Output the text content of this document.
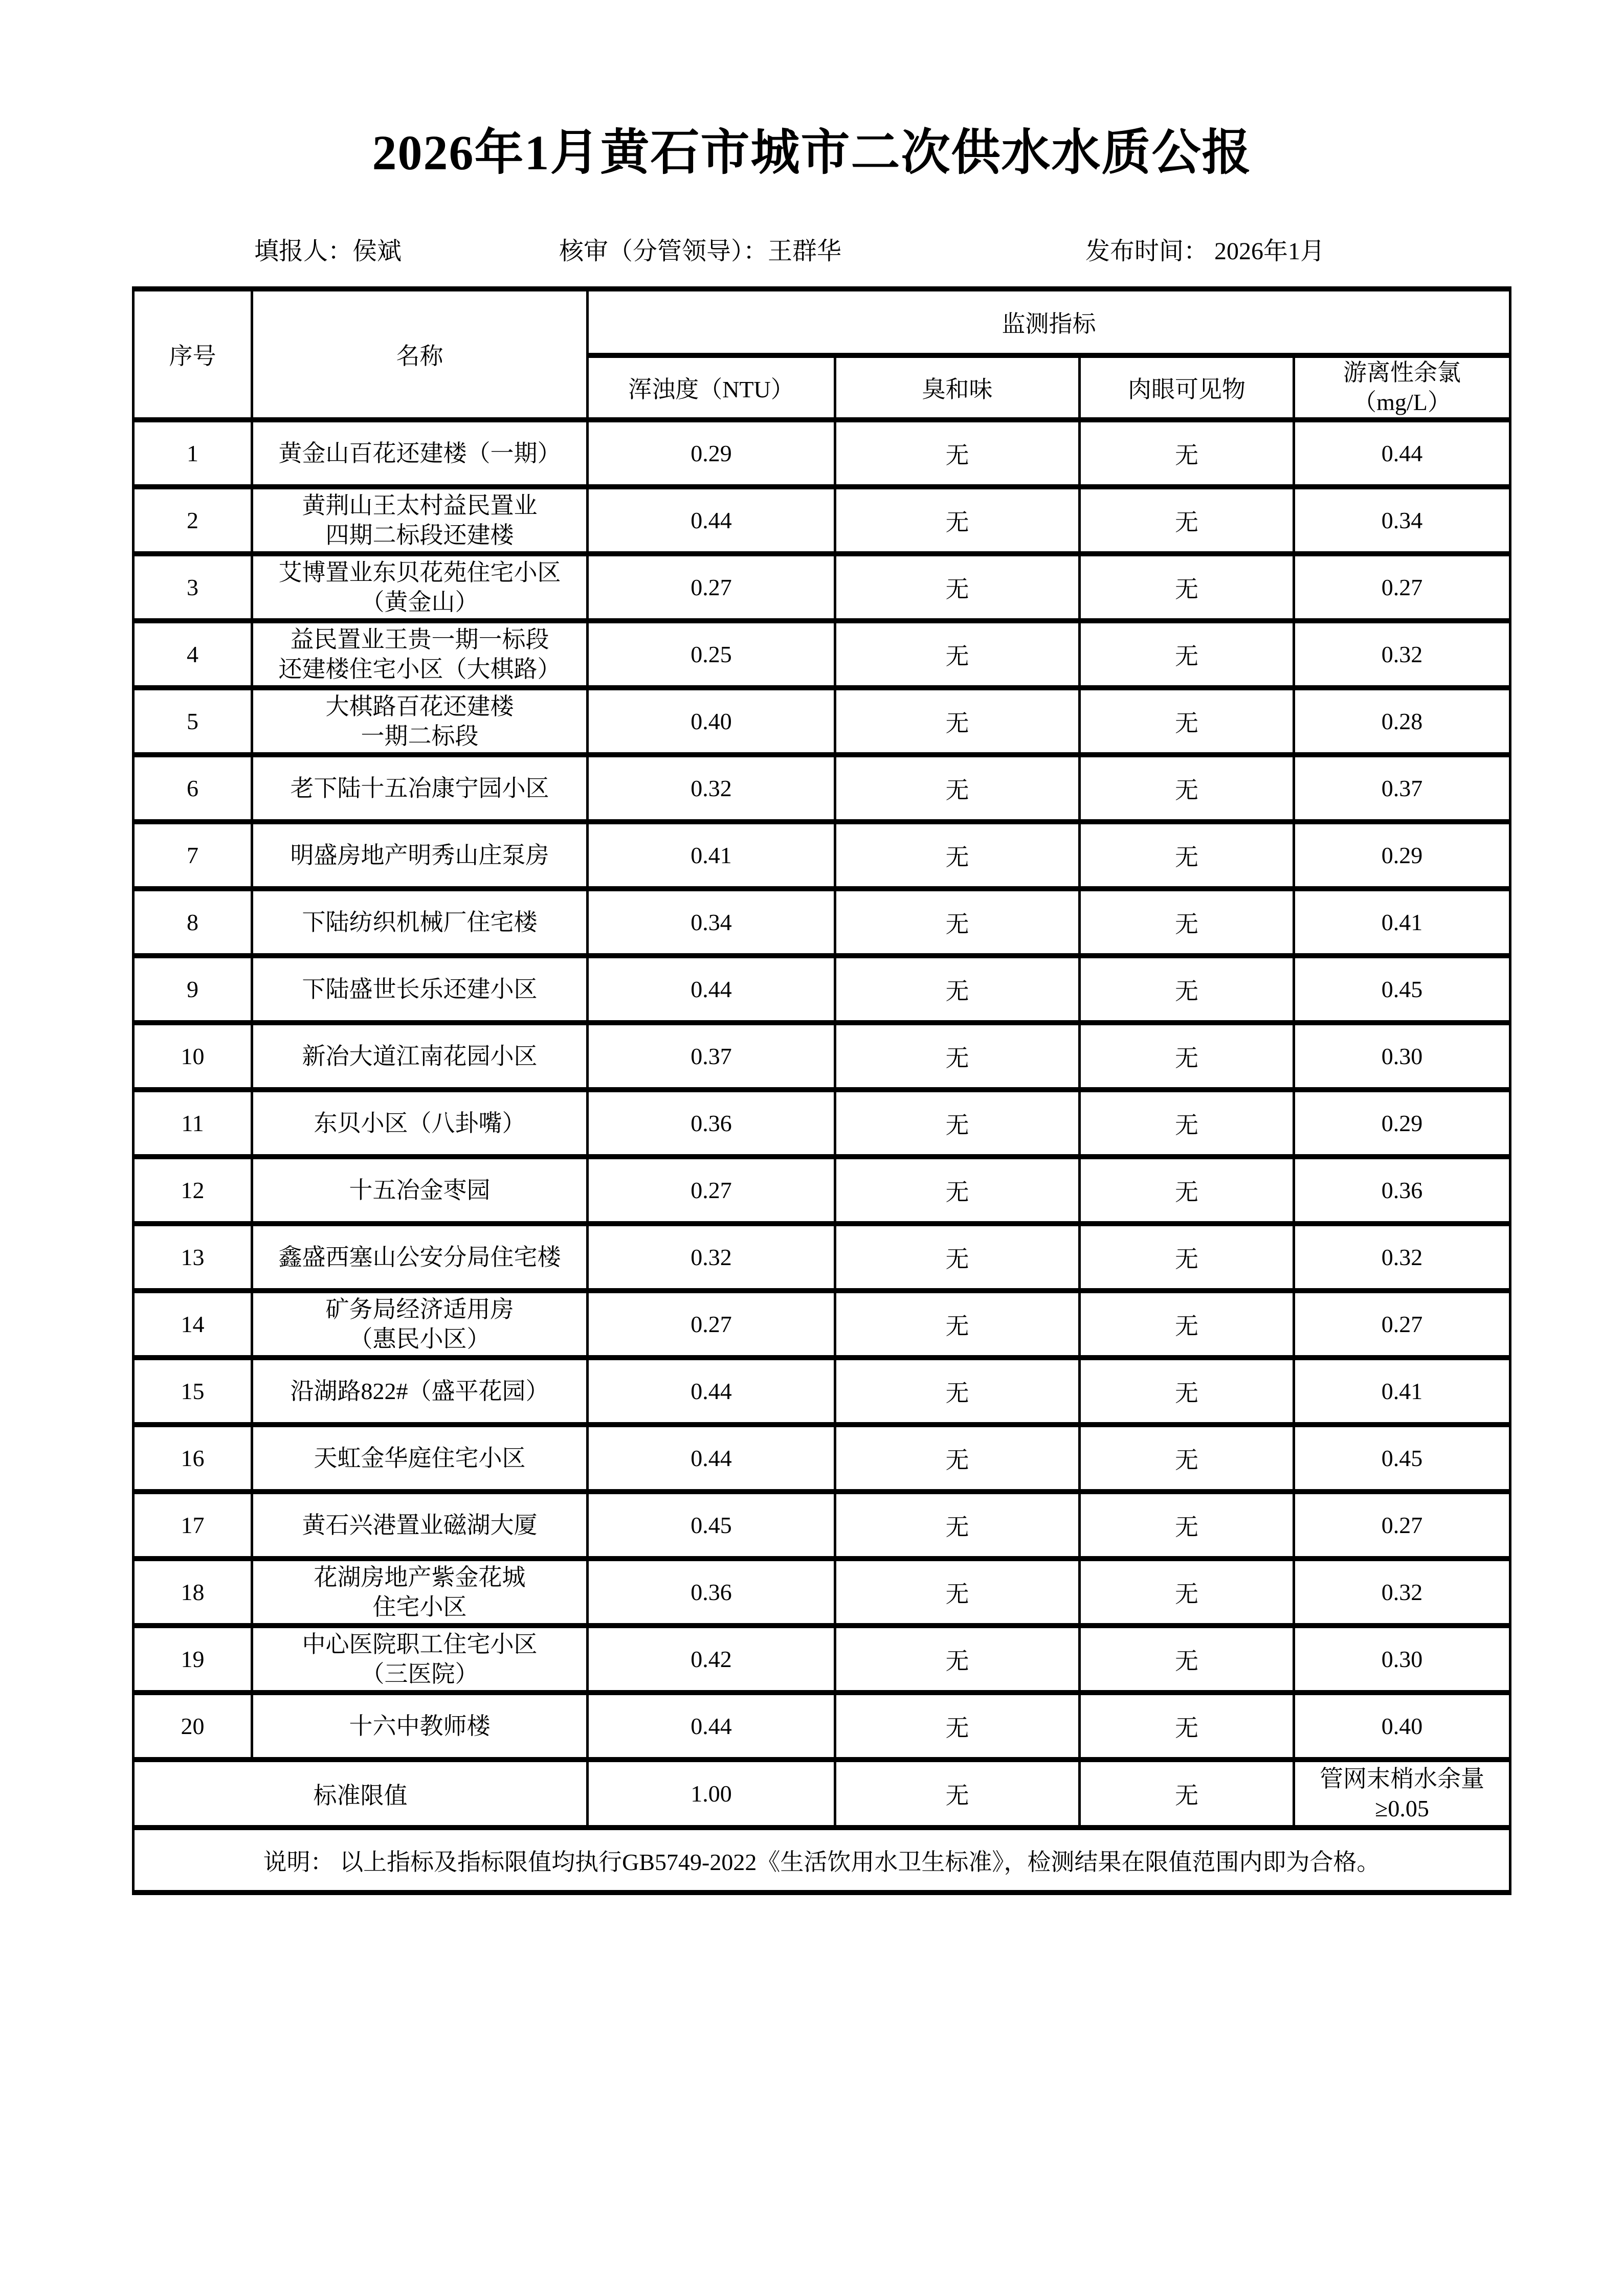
2026年1月黄石市城市二次供水水质公报
填报人：侯斌	核审（分管领导）：王群华	发布时间： 2026年1月
序号	名称	监测指标			
		浑浊度（NTU）	臭和味	肉眼可见物	游离性余氯
（mg/L）

1	黄金山百花还建楼（一期）	0.29	无	无	0.44
2	黄荆山王太村益民置业
四期二标段还建楼	0.44	无	无	0.34
3	艾博置业东贝花苑住宅小区
（黄金山）	0.27	无	无	0.27
4	益民置业王贵一期一标段
还建楼住宅小区（大棋路）	0.25	无	无	0.32
5	大棋路百花还建楼
一期二标段	0.40	无	无	0.28
6	老下陆十五冶康宁园小区	0.32	无	无	0.37
7	明盛房地产明秀山庄泵房	0.41	无	无	0.29
8	下陆纺织机械厂住宅楼	0.34	无	无	0.41
9	下陆盛世长乐还建小区	0.44	无	无	0.45
10	新冶大道江南花园小区	0.37	无	无	0.30
11	东贝小区（八卦嘴）	0.36	无	无	0.29
12	十五冶金枣园	0.27	无	无	0.36
13	鑫盛西塞山公安分局住宅楼	0.32	无	无	0.32
14	矿务局经济适用房
（惠民小区）	0.27	无	无	0.27
15	沿湖路822#（盛平花园）	0.44	无	无	0.41
16	天虹金华庭住宅小区	0.44	无	无	0.45
17	黄石兴港置业磁湖大厦	0.45	无	无	0.27
18	花湖房地产紫金花城
住宅小区	0.36	无	无	0.32
19	中心医院职工住宅小区
（三医院）	0.42	无	无	0.30
20	十六中教师楼	0.44	无	无	0.40
标准限值		1.00	无	无	管网末梢水余量
≥0.05

说明： 以上指标及指标限值均执行GB5749-2022《生活饮用水卫生标准》，检测结果在限值范围内即为合格。					
